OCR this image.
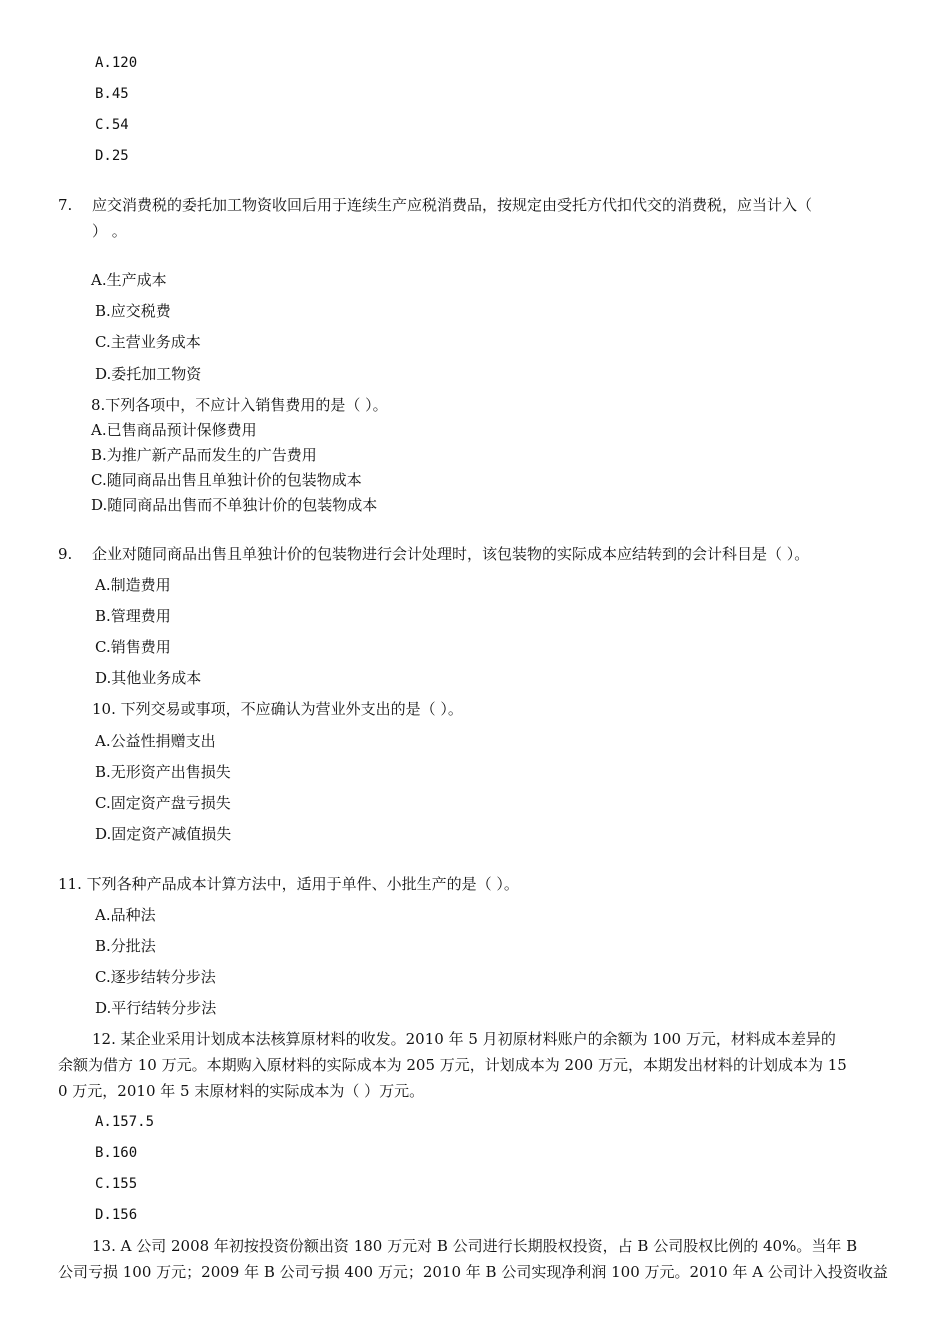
A.120
B.45
C.54
D.25
7. 应交消费税的委托加工物资收回后用于连续生产应税消费品，按规定由受托方代扣代交的消费税，应当计入（
） 。
A.生产成本
B.应交税费
C.主营业务成本
D.委托加工物资
8.下列各项中，不应计入销售费用的是（ ）。
A.已售商品预计保修费用
B.为推广新产品而发生的广告费用
C.随同商品出售且单独计价的包装物成本
D.随同商品出售而不单独计价的包装物成本
9. 企业对随同商品出售且单独计价的包装物进行会计处理时，该包装物的实际成本应结转到的会计科目是（ ）。
A.制造费用
B.管理费用
C.销售费用
D.其他业务成本
10. 下列交易或事项，不应确认为营业外支出的是（ ）。
A.公益性捐赠支出
B.无形资产出售损失
C.固定资产盘亏损失
D.固定资产减值损失
11. 下列各种产品成本计算方法中，适用于单件、小批生产的是（ ）。
A.品种法
B.分批法
C.逐步结转分步法
D.平行结转分步法
12. 某企业采用计划成本法核算原材料的收发。2010 年 5 月初原材料账户的余额为 100 万元，材料成本差异的
余额为借方 10 万元。本期购入原材料的实际成本为 205 万元，计划成本为 200 万元，本期发出材料的计划成本为 15
0 万元，2010 年 5 末原材料的实际成本为（ ）万元。
A.157.5
B.160
C.155
D.156
13. A 公司 2008 年初按投资份额出资 180 万元对 B 公司进行长期股权投资，占 B 公司股权比例的 40%。当年 B
公司亏损 100 万元；2009 年 B 公司亏损 400 万元；2010 年 B 公司实现净利润 100 万元。2010 年 A 公司计入投资收益
